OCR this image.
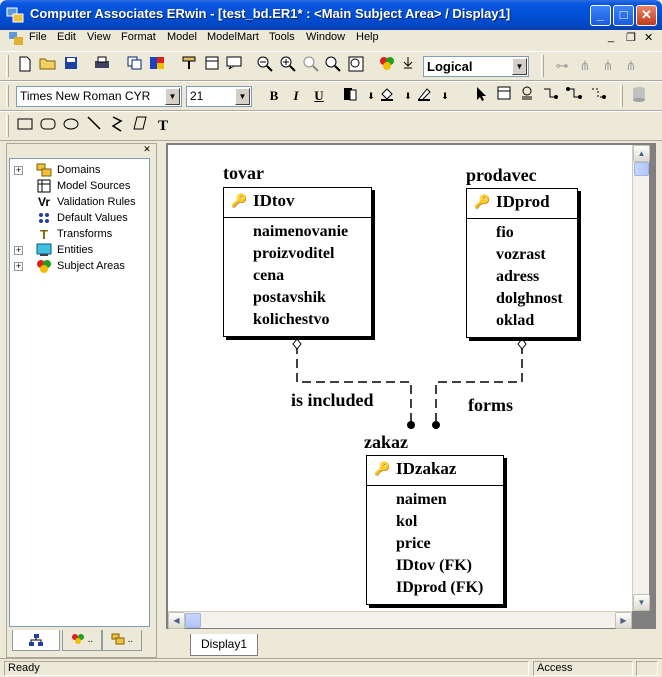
Computer Associates ERwin - [test_bd.ER1* : <Main Subject Area> / Display1]	_	□	✕
File Edit View Format Model ModelMart Tools Window Help	_ ❐ ✕
Logical	▼	⊶ ⋔ ⋔ ⋔
Times New Roman CYR	▼	21	▼	B	I	U	⬇	⬇	⬇
T
✕
+	Domains
Model Sources
Vr Validation Rules
Default Values
T Transforms
+	Entities
+	Subject Areas
..	..
is included	forms
tovar
🔑 IDtov
naimenovanie
proizvoditel
cena
postavshik
kolichestvo
prodavec
🔑 IDprod
fio
vozrast
adress
dolghnost
oklad
zakaz
🔑 IDzakaz
naimen
kol
price
IDtov (FK)
IDprod (FK)
▲
▼
◀	▶
Display1
Ready	Access
